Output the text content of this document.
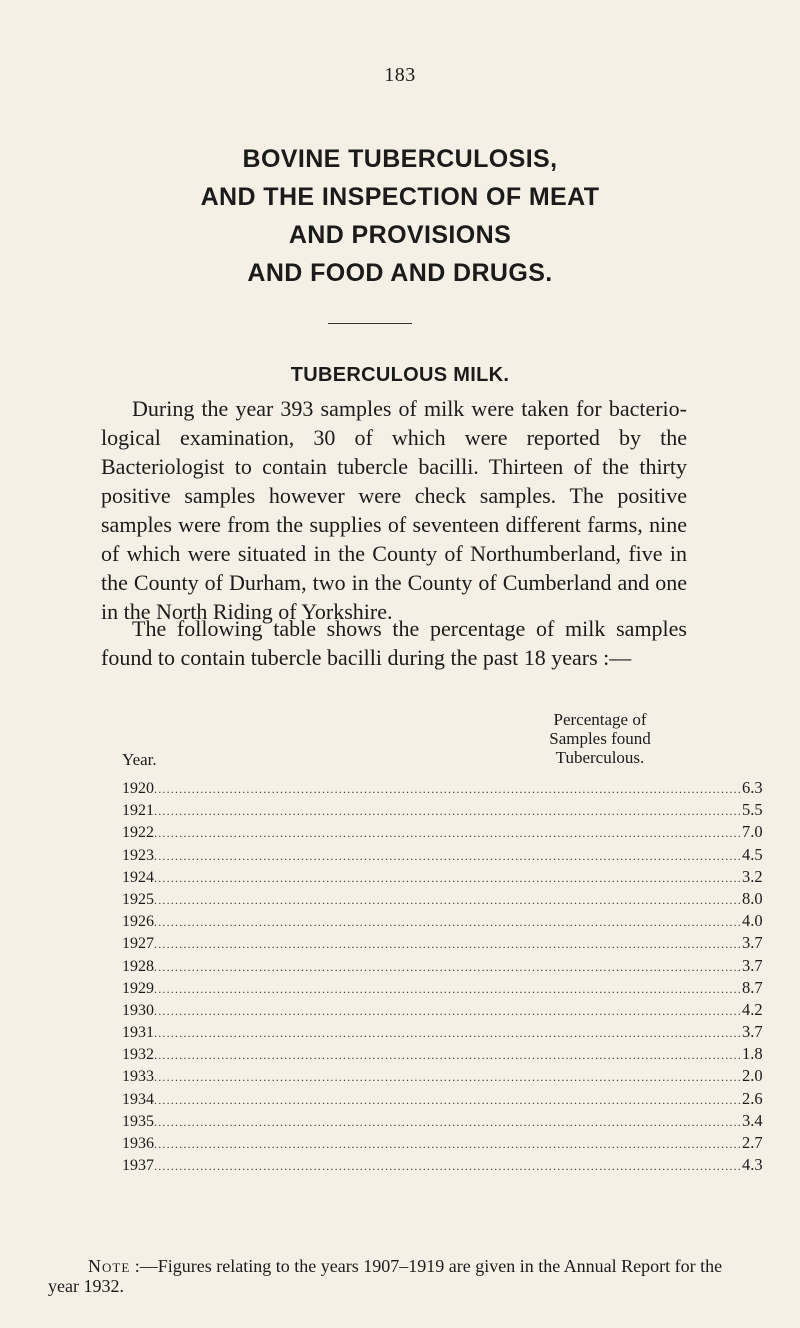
183
BOVINE TUBERCULOSIS,
AND THE INSPECTION OF MEAT
AND PROVISIONS
AND FOOD AND DRUGS.
TUBERCULOUS MILK.
During the year 393 samples of milk were taken for bacterio-logical examination, 30 of which were reported by the Bacteriologist to contain tubercle bacilli. Thirteen of the thirty positive samples however were check samples. The positive samples were from the supplies of seventeen different farms, nine of which were situated in the County of Northumberland, five in the County of Durham, two in the County of Cumberland and one in the North Riding of Yorkshire.
The following table shows the percentage of milk samples found to contain tubercle bacilli during the past 18 years :—
Percentage of
Samples found
Tuberculous.
Year.
1920 ............................................................................................................................................ 6.3
1921 ............................................................................................................................................ 5.5
1922 ............................................................................................................................................ 7.0
1923 ............................................................................................................................................ 4.5
1924 ............................................................................................................................................ 3.2
1925 ............................................................................................................................................ 8.0
1926 ............................................................................................................................................ 4.0
1927 ............................................................................................................................................ 3.7
1928 ............................................................................................................................................ 3.7
1929 ............................................................................................................................................ 8.7
1930 ............................................................................................................................................ 4.2
1931 ............................................................................................................................................ 3.7
1932 ............................................................................................................................................ 1.8
1933 ............................................................................................................................................ 2.0
1934 ............................................................................................................................................ 2.6
1935 ............................................................................................................................................ 3.4
1936 ............................................................................................................................................ 2.7
1937 ............................................................................................................................................ 4.3
Note :—Figures relating to the years 1907–1919 are given in the Annual Report for the year 1932.
